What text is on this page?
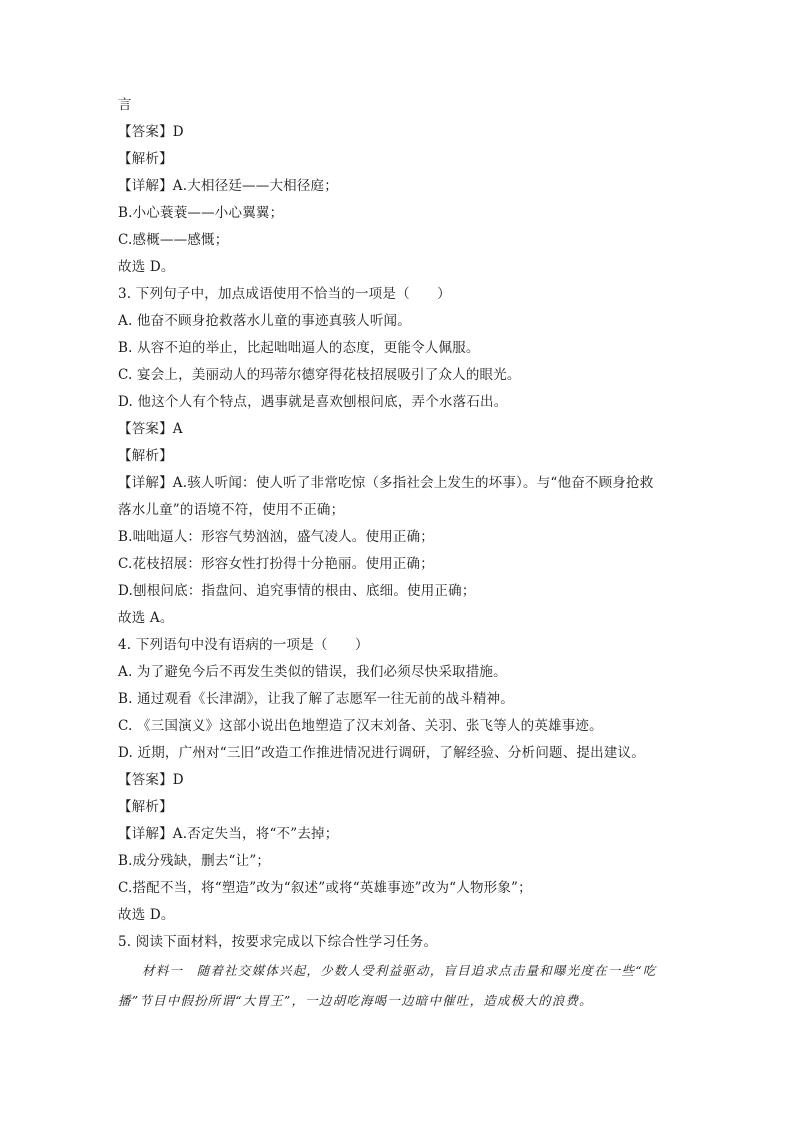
言
【答案】D
【解析】
【详解】A.大相径廷——大相径庭；
B.小心蓑蓑——小心翼翼；
C.感概——感慨；
故选 D。
3. 下列句子中，加点成语使用不恰当的一项是（　　）
A. 他奋不顾身抢救落水儿童的事迹真骇人听闻。
B. 从容不迫的举止，比起咄咄逼人的态度，更能令人佩服。
C. 宴会上，美丽动人的玛蒂尔德穿得花枝招展吸引了众人的眼光。
D. 他这个人有个特点，遇事就是喜欢刨根问底，弄个水落石出。
【答案】A
【解析】
【详解】A.骇人听闻：使人听了非常吃惊（多指社会上发生的坏事）。与“他奋不顾身抢救
落水儿童”的语境不符，使用不正确；
B.咄咄逼人：形容气势汹汹，盛气凌人。使用正确；
C.花枝招展：形容女性打扮得十分艳丽。使用正确；
D.刨根问底：指盘问、追究事情的根由、底细。使用正确；
故选 A。
4. 下列语句中没有语病的一项是（　　）
A. 为了避免今后不再发生类似的错误，我们必须尽快采取措施。
B. 通过观看《长津湖》，让我了解了志愿军一往无前的战斗精神。
C. 《三国演义》这部小说出色地塑造了汉末刘备、关羽、张飞等人的英雄事迹。
D. 近期，广州对“三旧”改造工作推进情况进行调研，了解经验、分析问题、提出建议。
【答案】D
【解析】
【详解】A.否定失当，将“不”去掉；
B.成分残缺，删去“让”；
C.搭配不当，将“塑造”改为“叙述”或将“英雄事迹”改为“人物形象”；
故选 D。
5. 阅读下面材料，按要求完成以下综合性学习任务。
材料一　随着社交媒体兴起，少数人受利益驱动，盲目追求点击量和曝光度在一些“吃
播”节目中假扮所谓“大胃王”，一边胡吃海喝一边暗中催吐，造成极大的浪费。
